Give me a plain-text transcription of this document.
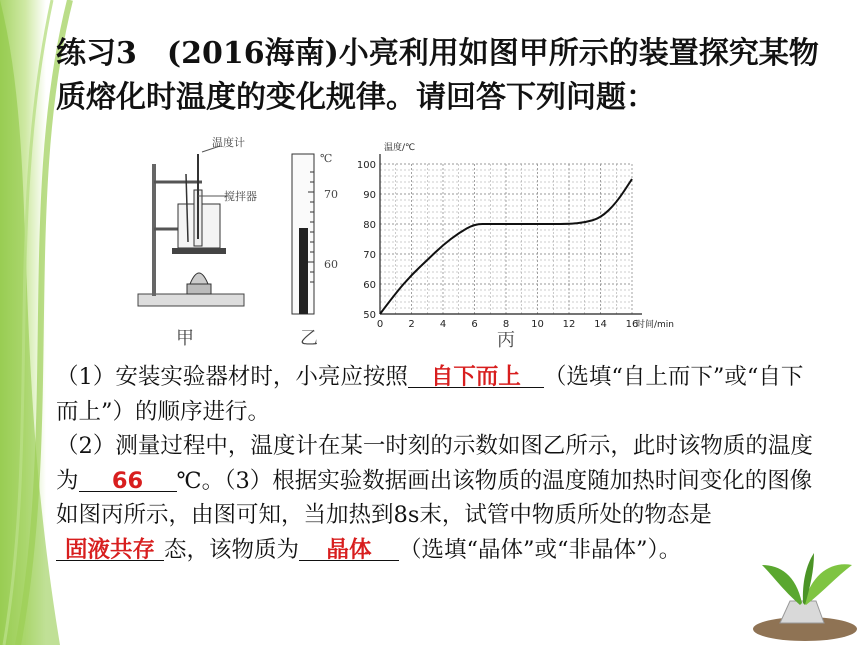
练习3　(2016海南)小亮利用如图甲所示的装置探究某物质熔化时温度的变化规律。请回答下列问题：
温度计
搅拌器
甲
℃
70
60
乙
0	2	4	6	8 10 12 14 16
50
60
70
80
90
100
温度/℃
时间/min
丙
（1）安装实验器材时，小亮应按照 自下而上 （选填“自上而下”或“自下而上”）的顺序进行。
（2）测量过程中，温度计在某一时刻的示数如图乙所示，此时该物质的温度为 66 ℃。（3）根据实验数据画出该物质的温度随加热时间变化的图像如图丙所示，由图可知，当加热到8s末，试管中物质所处的物态是固液共存 态，该物质为 晶体 （选填“晶体”或“非晶体”）。
